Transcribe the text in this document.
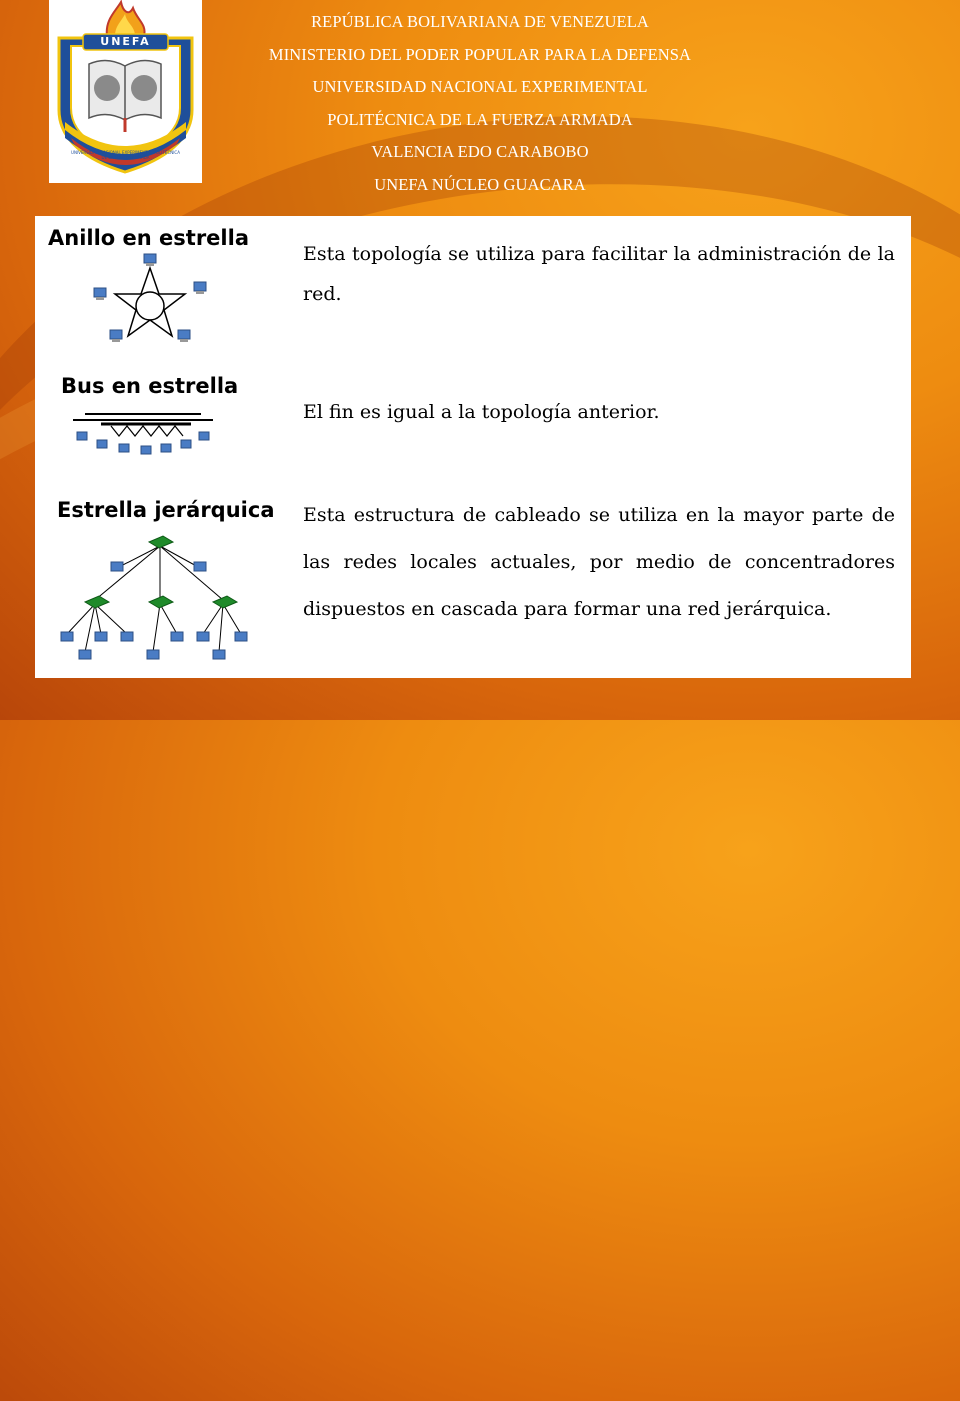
UNEFA
UNIVERSIDAD NACIONAL EXPERIMENTAL POLITÉCNICA DE LA FUERZA ARMADA
REPÚBLICA BOLIVARIANA DE VENEZUELA
MINISTERIO DEL PODER POPULAR PARA LA DEFENSA
UNIVERSIDAD NACIONAL EXPERIMENTAL
POLITÉCNICA DE LA FUERZA ARMADA
VALENCIA EDO CARABOBO
UNEFA NÚCLEO GUACARA
Anillo en estrella
Esta topología se utiliza para facilitar la administración de la red.
Bus en estrella
El fin es igual a la topología anterior.
Estrella jerárquica Esta estructura de cableado se utiliza en la mayor parte de las redes locales actuales, por medio de concentradores dispuestos en cascada para formar una red jerárquica.
